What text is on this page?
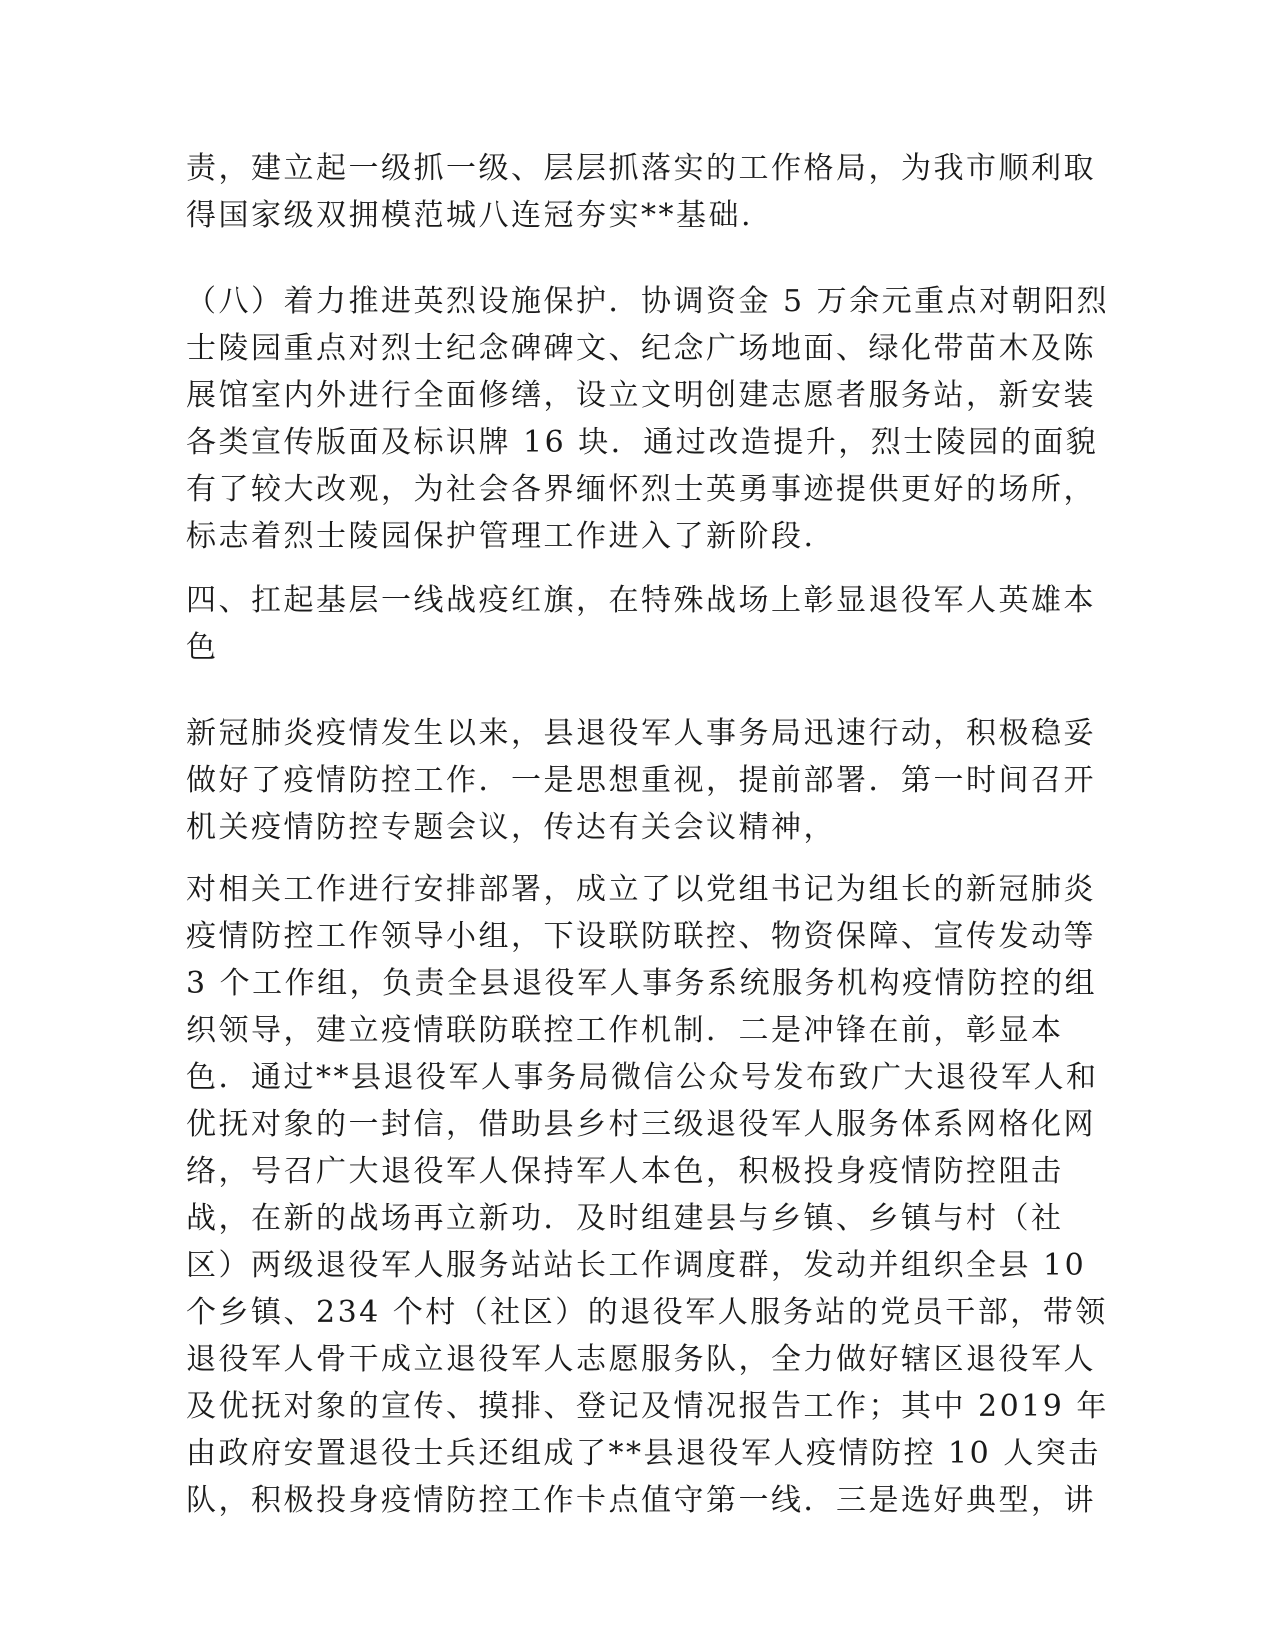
责，建立起一级抓一级、层层抓落实的工作格局，为我市顺利取
得国家级双拥模范城八连冠夯实**基础.
（八）着力推进英烈设施保护．协调资金 5 万余元重点对朝阳烈
士陵园重点对烈士纪念碑碑文、纪念广场地面、绿化带苗木及陈
展馆室内外进行全面修缮，设立文明创建志愿者服务站，新安装
各类宣传版面及标识牌 16 块．通过改造提升，烈士陵园的面貌
有了较大改观，为社会各界缅怀烈士英勇事迹提供更好的场所，
标志着烈士陵园保护管理工作进入了新阶段.
四、扛起基层一线战疫红旗，在特殊战场上彰显退役军人英雄本
色
新冠肺炎疫情发生以来，县退役军人事务局迅速行动，积极稳妥
做好了疫情防控工作．一是思想重视，提前部署．第一时间召开
机关疫情防控专题会议，传达有关会议精神，
对相关工作进行安排部署，成立了以党组书记为组长的新冠肺炎
疫情防控工作领导小组，下设联防联控、物资保障、宣传发动等
3 个工作组，负责全县退役军人事务系统服务机构疫情防控的组
织领导，建立疫情联防联控工作机制．二是冲锋在前，彰显本
色．通过**县退役军人事务局微信公众号发布致广大退役军人和
优抚对象的一封信，借助县乡村三级退役军人服务体系网格化网
络，号召广大退役军人保持军人本色，积极投身疫情防控阻击
战，在新的战场再立新功．及时组建县与乡镇、乡镇与村（社
区）两级退役军人服务站站长工作调度群，发动并组织全县 10
个乡镇、234 个村（社区）的退役军人服务站的党员干部，带领
退役军人骨干成立退役军人志愿服务队，全力做好辖区退役军人
及优抚对象的宣传、摸排、登记及情况报告工作；其中 2019 年
由政府安置退役士兵还组成了**县退役军人疫情防控 10 人突击
队，积极投身疫情防控工作卡点值守第一线．三是选好典型，讲
